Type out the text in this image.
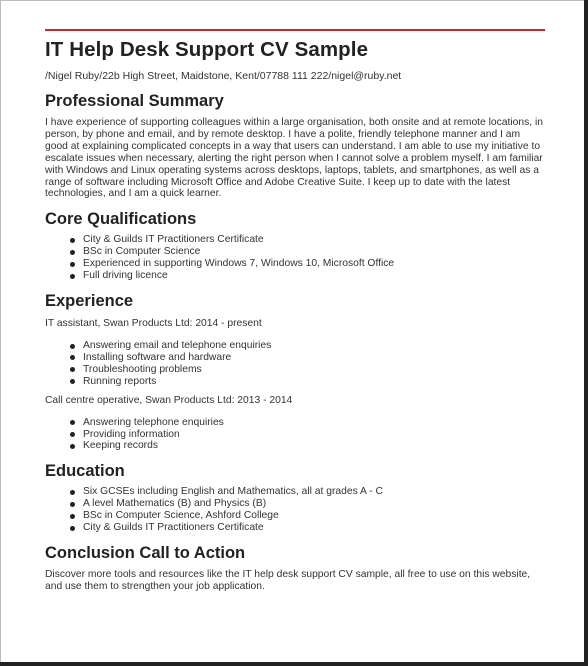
IT Help Desk Support CV Sample
/Nigel Ruby/22b High Street, Maidstone, Kent/07788 111 222/nigel@ruby.net
Professional Summary
I have experience of supporting colleagues within a large organisation, both onsite and at remote locations, in person, by phone and email, and by remote desktop. I have a polite, friendly telephone manner and I am good at explaining complicated concepts in a way that users can understand. I am able to use my initiative to escalate issues when necessary, alerting the right person when I cannot solve a problem myself. I am familiar with Windows and Linux operating systems across desktops, laptops, tablets, and smartphones, as well as a range of software including Microsoft Office and Adobe Creative Suite. I keep up to date with the latest technologies, and I am a quick learner.
Core Qualifications
City & Guilds IT Practitioners Certificate
BSc in Computer Science
Experienced in supporting Windows 7, Windows 10, Microsoft Office
Full driving licence
Experience
IT assistant, Swan Products Ltd: 2014 - present
Answering email and telephone enquiries
Installing software and hardware
Troubleshooting problems
Running reports
Call centre operative, Swan Products Ltd: 2013 - 2014
Answering telephone enquiries
Providing information
Keeping records
Education
Six GCSEs including English and Mathematics, all at grades A - C
A level Mathematics (B) and Physics (B)
BSc in Computer Science, Ashford College
City & Guilds IT Practitioners Certificate
Conclusion Call to Action
Discover more tools and resources like the IT help desk support CV sample, all free to use on this website, and use them to strengthen your job application.
